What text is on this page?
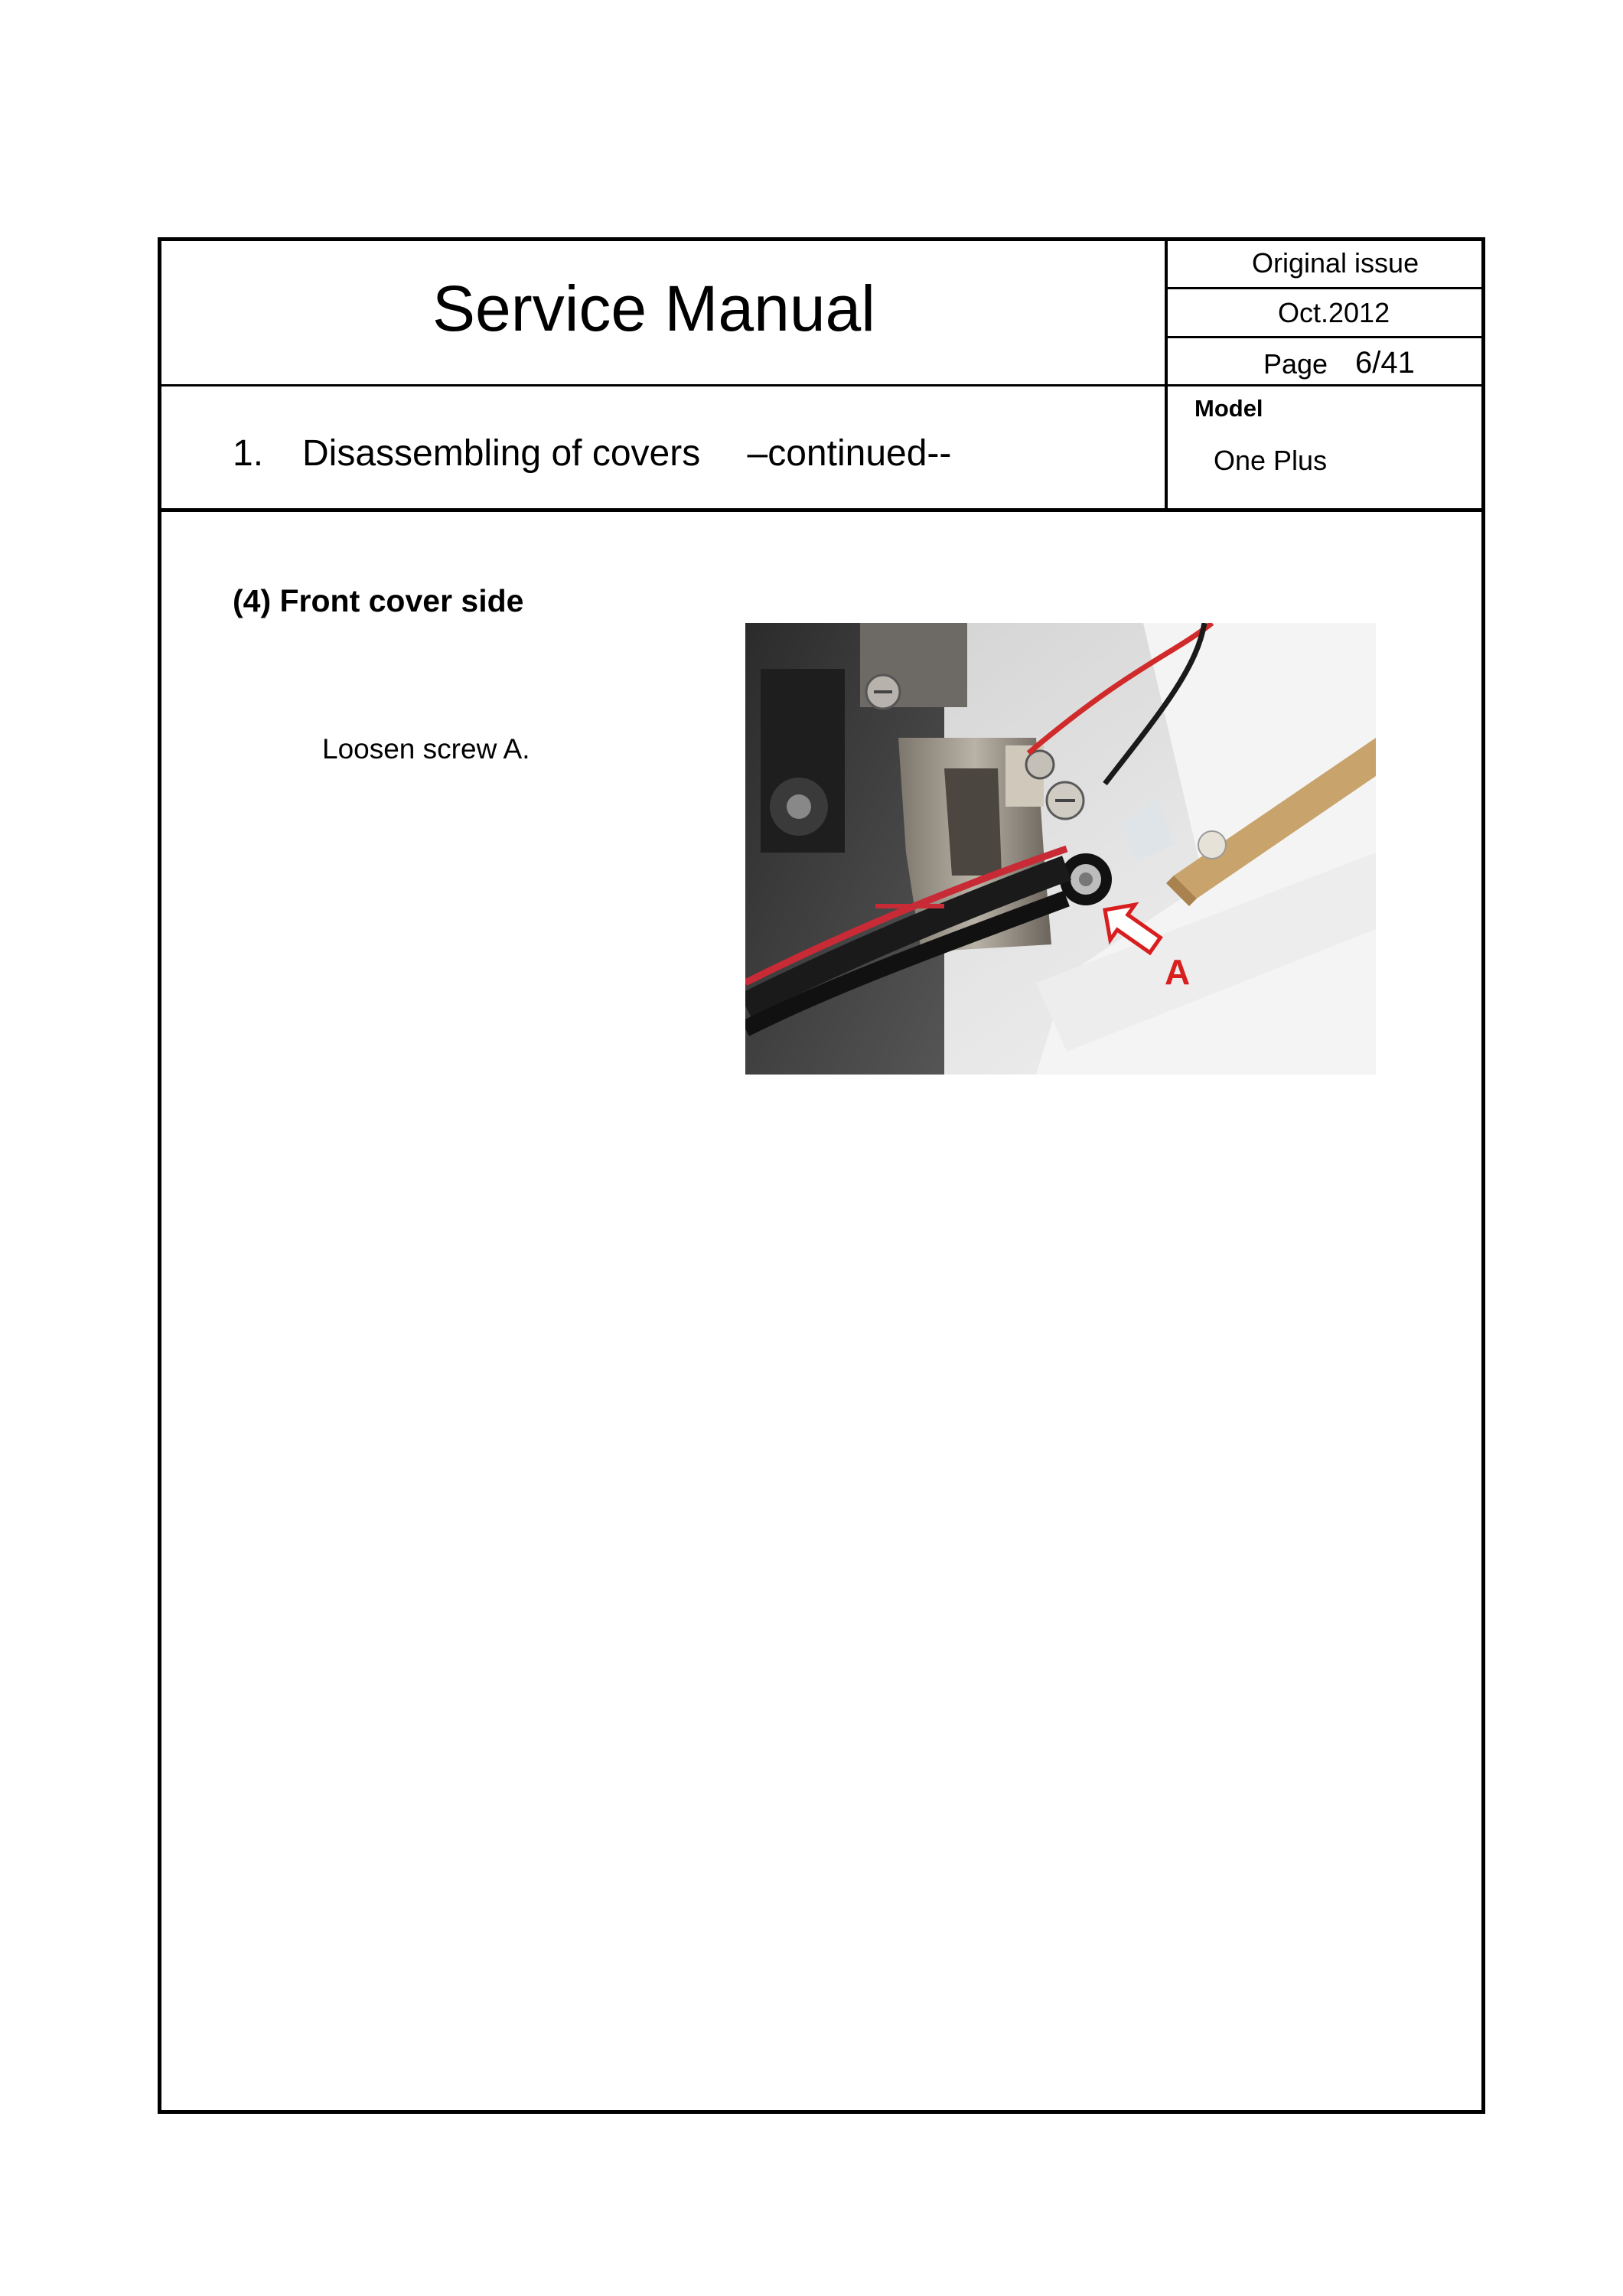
Service Manual
Original issue
Oct.2012
Page 6/41
Model
One Plus
1. Disassembling of covers  –continued--
(4) Front cover side
Loosen screw A.
A
